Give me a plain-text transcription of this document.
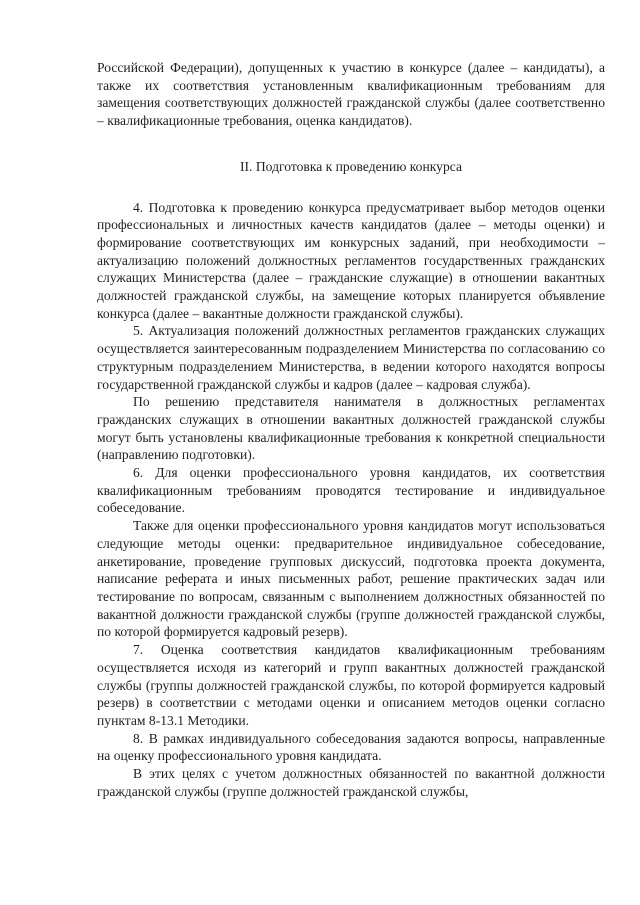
Российской Федерации), допущенных к участию в конкурсе (далее – кандидаты), а также их соответствия установленным квалификационным требованиям для замещения соответствующих должностей гражданской службы (далее соответственно – квалификационные требования, оценка кандидатов).

II. Подготовка к проведению конкурса

4. Подготовка к проведению конкурса предусматривает выбор методов оценки профессиональных и личностных качеств кандидатов (далее – методы оценки) и формирование соответствующих им конкурсных заданий, при необходимости – актуализацию положений должностных регламентов государственных гражданских служащих Министерства (далее – гражданские служащие) в отношении вакантных должностей гражданской службы, на замещение которых планируется объявление конкурса (далее – вакантные должности гражданской службы).

5. Актуализация положений должностных регламентов гражданских служащих осуществляется заинтересованным подразделением Министерства по согласованию со структурным подразделением Министерства, в ведении которого находятся вопросы государственной гражданской службы и кадров (далее – кадровая служба).

По решению представителя нанимателя в должностных регламентах гражданских служащих в отношении вакантных должностей гражданской службы могут быть установлены квалификационные требования к конкретной специальности (направлению подготовки).

6. Для оценки профессионального уровня кандидатов, их соответствия квалификационным требованиям проводятся тестирование и индивидуальное собеседование.

Также для оценки профессионального уровня кандидатов могут использоваться следующие методы оценки: предварительное индивидуальное собеседование, анкетирование, проведение групповых дискуссий, подготовка проекта документа, написание реферата и иных письменных работ, решение практических задач или тестирование по вопросам, связанным с выполнением должностных обязанностей по вакантной должности гражданской службы (группе должностей гражданской службы, по которой формируется кадровый резерв).

7. Оценка соответствия кандидатов квалификационным требованиям осуществляется исходя из категорий и групп вакантных должностей гражданской службы (группы должностей гражданской службы, по которой формируется кадровый резерв) в соответствии с методами оценки и описанием методов оценки согласно пунктам 8-13.1 Методики.

8. В рамках индивидуального собеседования задаются вопросы, направленные на оценку профессионального уровня кандидата.

В этих целях с учетом должностных обязанностей по вакантной должности гражданской службы (группе должностей гражданской службы,
